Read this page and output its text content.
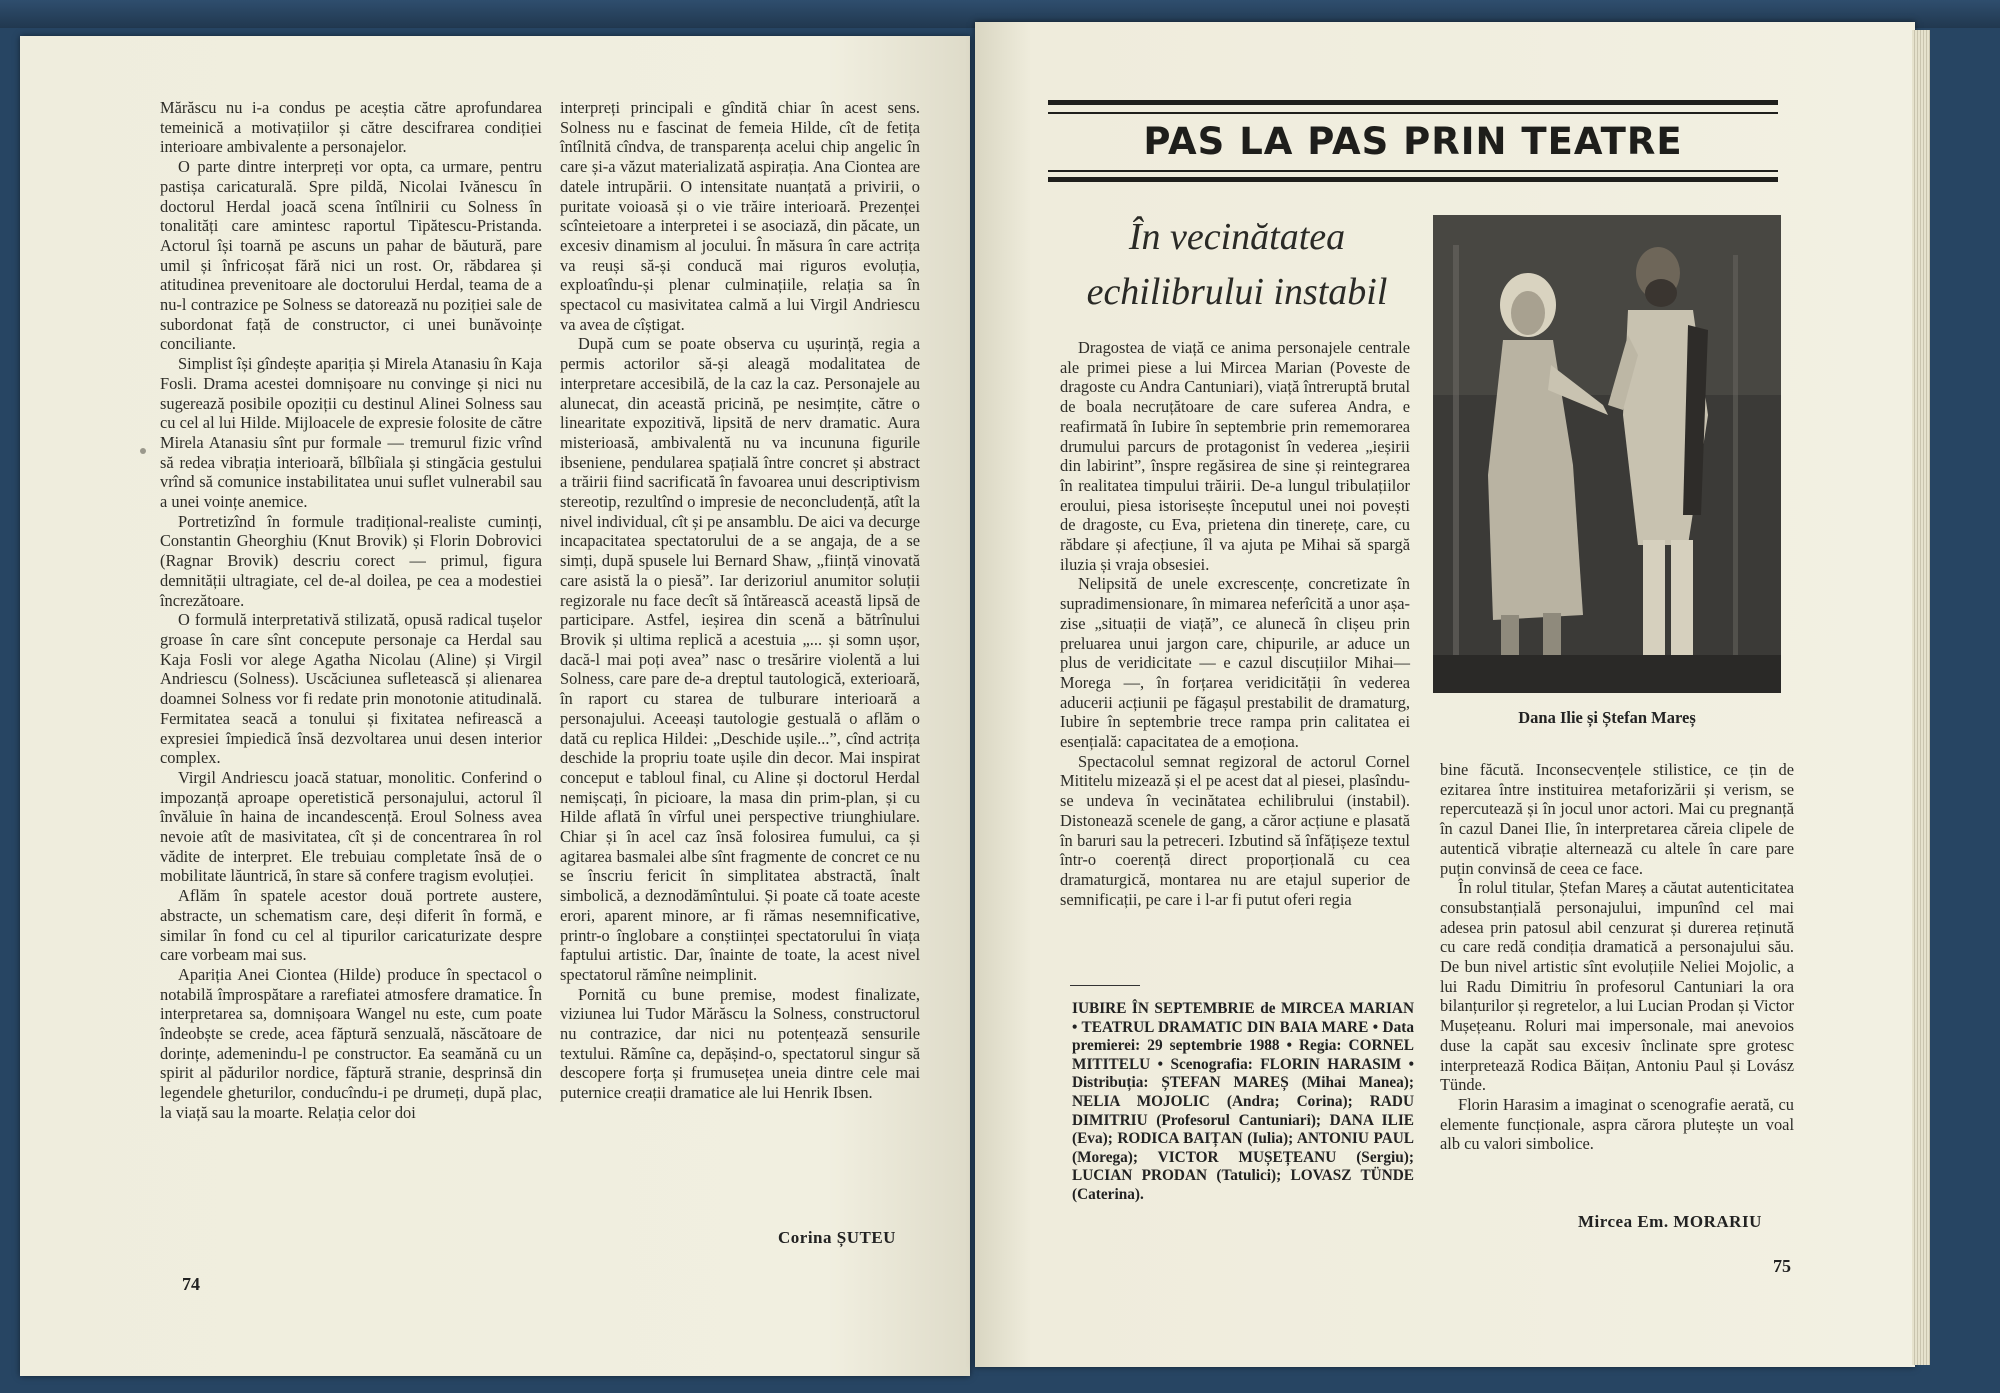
Mărăscu nu i-a condus pe aceștia către aprofundarea temeinică a motivațiilor și către descifrarea condiției interioare ambivalente a personajelor.

O parte dintre interpreți vor opta, ca urmare, pentru pastișa caricaturală. Spre pildă, Nicolai Ivănescu în doctorul Herdal joacă scena întîlnirii cu Solness în tonalități care amintesc raportul Tipătescu-Pristanda. Actorul își toarnă pe ascuns un pahar de băutură, pare umil și înfricoșat fără nici un rost. Or, răbdarea și atitudinea prevenitoare ale doctorului Herdal, teama de a nu-l contrazice pe Solness se datorează nu poziției sale de subordonat față de constructor, ci unei bunăvoințe conciliante.

Simplist își gîndește apariția și Mirela Atanasiu în Kaja Fosli. Drama acestei domnișoare nu convinge și nici nu sugerează posibile opoziții cu destinul Alinei Solness sau cu cel al lui Hilde. Mijloacele de expresie folosite de către Mirela Atanasiu sînt pur formale — tremurul fizic vrînd să redea vibrația interioară, bîlbîiala și stingăcia gestului vrînd să comunice instabilitatea unui suflet vulnerabil sau a unei voințe anemice.

Portretizînd în formule tradițional-realiste cuminți, Constantin Gheorghiu (Knut Brovik) și Florin Dobrovici (Ragnar Brovik) descriu corect — primul, figura demnității ultragiate, cel de-al doilea, pe cea a modestiei încrezătoare.

O formulă interpretativă stilizată, opusă radical tușelor groase în care sînt concepute personaje ca Herdal sau Kaja Fosli vor alege Agatha Nicolau (Aline) și Virgil Andriescu (Solness). Uscăciunea sufletească și alienarea doamnei Solness vor fi redate prin monotonie atitudinală. Fermitatea seacă a tonului și fixitatea nefirească a expresiei împiedică însă dezvoltarea unui desen interior complex.

Virgil Andriescu joacă statuar, monolitic. Conferind o impozanță aproape operetistică personajului, actorul îl învăluie în haina de incandescență. Eroul Solness avea nevoie atît de masivitatea, cît și de concentrarea în rol vădite de interpret. Ele trebuiau completate însă de o mobilitate lăuntrică, în stare să confere tragism evoluției.

Aflăm în spatele acestor două portrete austere, abstracte, un schematism care, deși diferit în formă, e similar în fond cu cel al tipurilor caricaturizate despre care vorbeam mai sus.

Apariția Anei Ciontea (Hilde) produce în spectacol o notabilă împrospătare a rarefiatei atmosfere dramatice. În interpretarea sa, domnișoara Wangel nu este, cum poate îndeobște se crede, acea făptură senzuală, născătoare de dorințe, ademenindu-l pe constructor. Ea seamănă cu un spirit al pădurilor nordice, făptură stranie, desprinsă din legendele gheturilor, conducîndu-i pe drumeți, după plac, la viață sau la moarte. Relația celor doi

interpreți principali e gîndită chiar în acest sens. Solness nu e fascinat de femeia Hilde, cît de fetița întîlnită cîndva, de transparența acelui chip angelic în care și-a văzut materializată aspirația. Ana Ciontea are datele intrupării. O intensitate nuanțată a privirii, o puritate voioasă și o vie trăire interioară. Prezenței scînteietoare a interpretei i se asociază, din păcate, un excesiv dinamism al jocului. În măsura în care actrița va reuși să-și conducă mai riguros evoluția, exploatîndu-și plenar culminațiile, relația sa în spectacol cu masivitatea calmă a lui Virgil Andriescu va avea de cîștigat.

După cum se poate observa cu ușurință, regia a permis actorilor să-și aleagă modalitatea de interpretare accesibilă, de la caz la caz. Personajele au alunecat, din această pricină, pe nesimțite, către o linearitate expozitivă, lipsită de nerv dramatic. Aura misterioasă, ambivalentă nu va incununa figurile ibseniene, pendularea spațială între concret și abstract a trăirii fiind sacrificată în favoarea unui descriptivism stereotip, rezultînd o impresie de neconcludență, atît la nivel individual, cît și pe ansamblu. De aici va decurge incapacitatea spectatorului de a se angaja, de a se simți, după spusele lui Bernard Shaw, „ființă vinovată care asistă la o piesă”. Iar derizoriul anumitor soluții regizorale nu face decît să întărească această lipsă de participare. Astfel, ieșirea din scenă a bătrînului Brovik și ultima replică a acestuia „... și somn ușor, dacă-l mai poți avea” nasc o tresărire violentă a lui Solness, care pare de-a dreptul tautologică, exterioară, în raport cu starea de tulburare interioară a personajului. Aceeași tautologie gestuală o aflăm o dată cu replica Hildei: „Deschide ușile...”, cînd actrița deschide la propriu toate ușile din decor. Mai inspirat conceput e tabloul final, cu Aline și doctorul Herdal nemișcați, în picioare, la masa din prim-plan, și cu Hilde aflată în vîrful unei perspective triunghiulare. Chiar și în acel caz însă folosirea fumului, ca și agitarea basmalei albe sînt fragmente de concret ce nu se înscriu fericit în simplitatea abstractă, înalt simbolică, a deznodămîntului. Și poate că toate aceste erori, aparent minore, ar fi rămas nesemnificative, printr-o înglobare a conștiinței spectatorului în viața faptului artistic. Dar, înainte de toate, la acest nivel spectatorul rămîne neimplinit.

Pornită cu bune premise, modest finalizate, viziunea lui Tudor Mărăscu la Solness, constructorul nu contrazice, dar nici nu potențează sensurile textului. Rămîne ca, depășind-o, spectatorul singur să descopere forța și frumusețea uneia dintre cele mai puternice creații dramatice ale lui Henrik Ibsen.

Corina ȘUTEU
74
PAS LA PAS PRIN TEATRE
În vecinătatea
echilibrului instabil
Dana Ilie și Ștefan Mareș

Dragostea de viață ce anima personajele centrale ale primei piese a lui Mircea Marian (Poveste de dragoste cu Andra Cantuniari), viață întreruptă brutal de boala necruțătoare de care suferea Andra, e reafirmată în Iubire în septembrie prin rememorarea drumului parcurs de protagonist în vederea „ieșirii din labirint”, înspre regăsirea de sine și reintegrarea în realitatea timpului trăirii. De-a lungul tribulațiilor eroului, piesa istorisește începutul unei noi povești de dragoste, cu Eva, prietena din tinerețe, care, cu răbdare și afecțiune, îl va ajuta pe Mihai să spargă iluzia și vraja obsesiei.

Nelipsită de unele excrescențe, concretizate în supradimensionare, în mimarea neferîcită a unor așa-zise „situații de viață”, ce alunecă în clișeu prin preluarea unui jargon care, chipurile, ar aduce un plus de veridicitate — e cazul discuțiilor Mihai—Morega —, în forțarea veridicității în vederea aducerii acțiunii pe făgașul prestabilit de dramaturg, Iubire în septembrie trece rampa prin calitatea ei esențială: capacitatea de a emoționa.

Spectacolul semnat regizoral de actorul Cornel Mititelu mizează și el pe acest dat al piesei, plasîndu-se undeva în vecinătatea echilibrului (instabil). Distonează scenele de gang, a căror acțiune e plasată în baruri sau la petreceri. Izbutind să înfățișeze textul într-o coerență direct proporțională cu cea dramaturgică, montarea nu are etajul superior de semnificații, pe care i l-ar fi putut oferi regia

IUBIRE ÎN SEPTEMBRIE de MIRCEA MARIAN • TEATRUL DRAMATIC DIN BAIA MARE • Data premierei: 29 septembrie 1988 • Regia: CORNEL MITITELU • Scenografia: FLORIN HARASIM • Distribuția: ȘTEFAN MAREȘ (Mihai Manea); NELIA MOJOLIC (Andra; Corina); RADU DIMITRIU (Profesorul Cantuniari); DANA ILIE (Eva); RODICA BAIȚAN (Iulia); ANTONIU PAUL (Morega); VICTOR MUȘEȚEANU (Sergiu); LUCIAN PRODAN (Tatulici); LOVASZ TÜNDE (Caterina).

bine făcută. Inconsecvențele stilistice, ce țin de ezitarea între instituirea metaforizării și verism, se repercutează și în jocul unor actori. Mai cu pregnanță în cazul Danei Ilie, în interpretarea căreia clipele de autentică vibrație alternează cu altele în care pare puțin convinsă de ceea ce face.

În rolul titular, Ștefan Mareș a căutat autenticitatea consubstanțială personajului, impunînd cel mai adesea prin patosul abil cenzurat și durerea reținută cu care redă condiția dramatică a personajului său. De bun nivel artistic sînt evoluțiile Neliei Mojolic, a lui Radu Dimitriu în profesorul Cantuniari la ora bilanțurilor și regretelor, a lui Lucian Prodan și Victor Mușețeanu. Roluri mai impersonale, mai anevoios duse la capăt sau excesiv înclinate spre grotesc interpretează Rodica Băițan, Antoniu Paul și Lovász Tünde.

Florin Harasim a imaginat o scenografie aerată, cu elemente funcționale, aspra cărora plutește un voal alb cu valori simbolice.

Mircea Em. MORARIU
75
